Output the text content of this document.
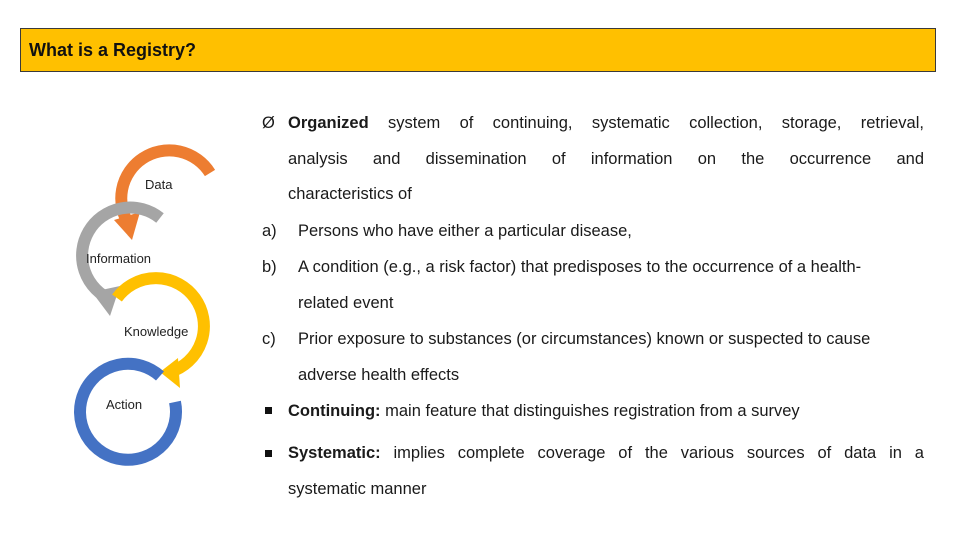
What is a Registry?
Data
Information
Knowledge
Action
Ø Organized system of continuing, systematic collection, storage, retrieval,
analysis and dissemination of information on the occurrence and
characteristics of
a) Persons who have either a particular disease,
b) A condition (e.g., a risk factor) that predisposes to the occurrence of a health-
related event
c) Prior exposure to substances (or circumstances) known or suspected to cause
adverse health effects
Continuing: main feature that distinguishes registration from a survey
Systematic: implies complete coverage of the various sources of data in a
systematic manner
